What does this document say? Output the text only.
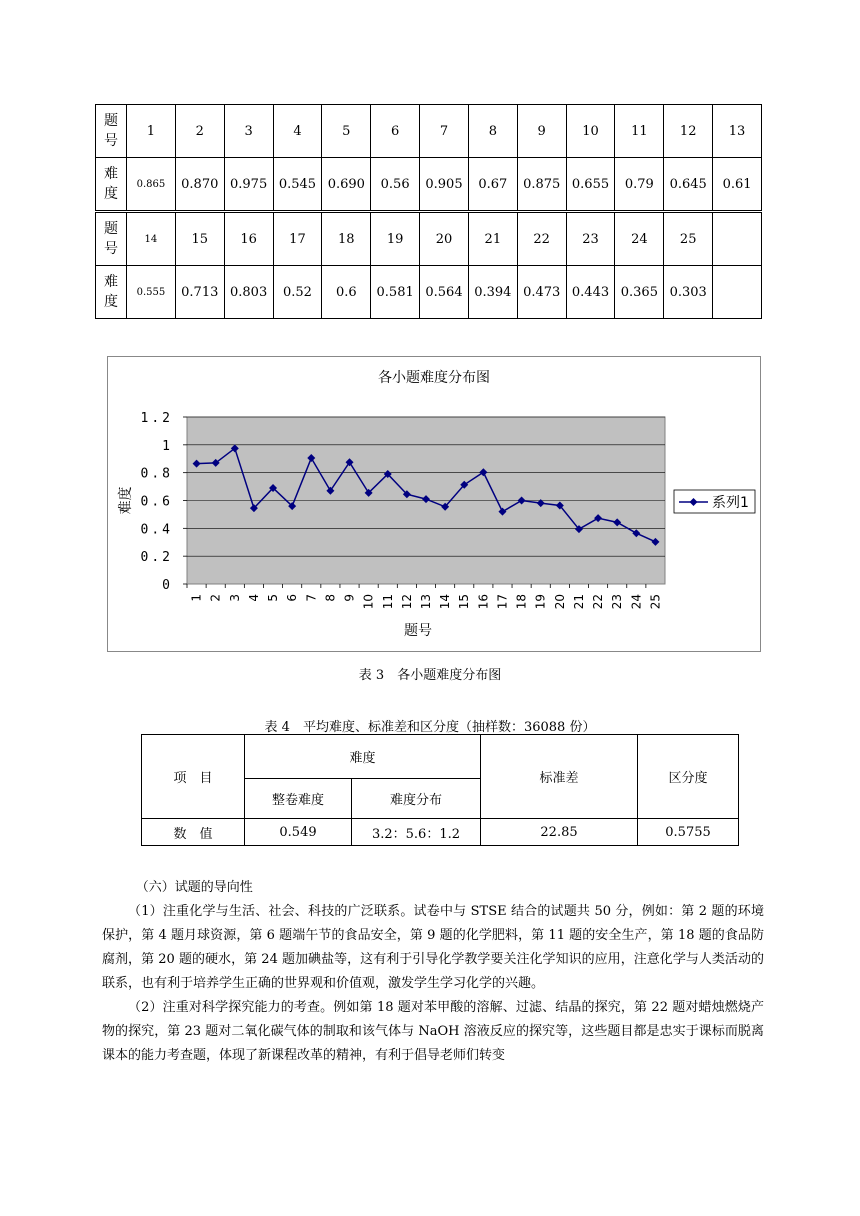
题
号	1	2	3	4	5	6	7	8	9	10	11	12	13

难
度	0.865	0.870	0.975	0.545	0.690	0.56	0.905	0.67	0.875	0.655	0.79	0.645	0.61

题
号	14	15	16	17	18	19	20	21	22	23	24	25	

难
度	0.555	0.713	0.803	0.52	0.6	0.581	0.564	0.394	0.473	0.443	0.365	0.303	
各小题难度分布图
0
0.2
0.4
0.6
0.8
1
1.2
1 2 3 4 5 6 7 8 9 10 11 12 13 14 15 16 17 18 19 20 21 22 23 24 25
题号
难度	系列1
表 3　各小题难度分布图
表 4　平均难度、标准差和区分度（抽样数：36088 份）
项　目	难度		标准差	区分度
	整卷难度	难度分布		
数　值	0.549	3.2：5.6：1.2	22.85	0.5755

（六）试题的导向性

（1）注重化学与生活、社会、科技的广泛联系。试卷中与 STSE 结合的试题共 50 分，例如：第 2 题的环境保护，第 4 题月球资源，第 6 题端午节的食品安全，第 9 题的化学肥料，第 11 题的安全生产，第 18 题的食品防腐剂，第 20 题的硬水，第 24 题加碘盐等，这有利于引导化学教学要关注化学知识的应用，注意化学与人类活动的联系，也有利于培养学生正确的世界观和价值观，激发学生学习化学的兴趣。

（2）注重对科学探究能力的考查。例如第 18 题对苯甲酸的溶解、过滤、结晶的探究，第 22 题对蜡烛燃烧产物的探究，第 23 题对二氧化碳气体的制取和该气体与 NaOH 溶液反应的探究等，这些题目都是忠实于课标而脱离课本的能力考查题，体现了新课程改革的精神，有利于倡导老师们转变
